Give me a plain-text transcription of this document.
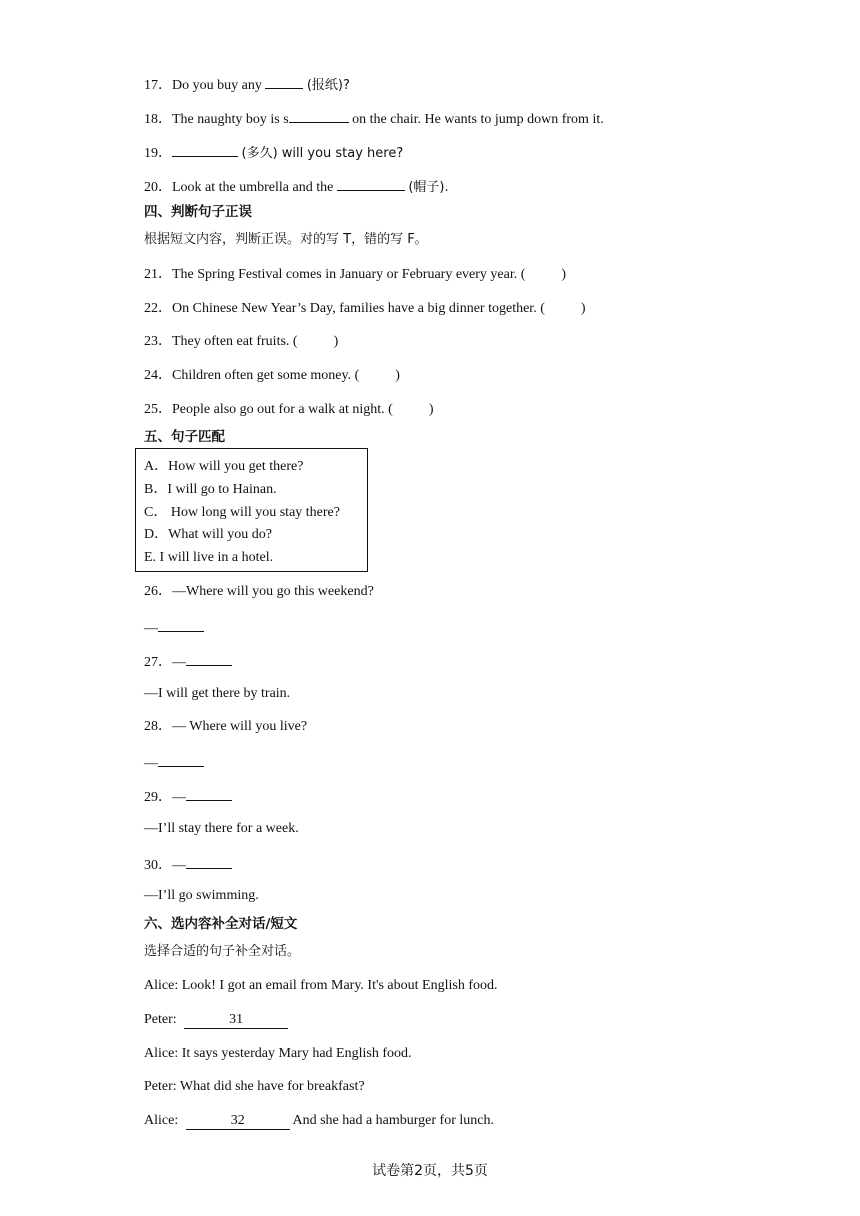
17．Do you buy any	(报纸)?
18．The naughty boy is s	on the chair. He wants to jump down from it.
19．	(多久) will you stay here?
20．Look at the umbrella and the	(帽子).
四、判断句子正误
根据短文内容，判断正误。对的写 T，错的写 F。
21．The Spring Festival comes in January or February every year. (	)
22．On Chinese New Year’s Day, families have a big dinner together. (	)
23．They often eat fruits. (	)
24．Children often get some money. (	)
25．People also go out for a walk at night. (	)
五、句子匹配
A．How will you get there?
B．I will go to Hainan.
C． How long will you stay there?
D．What will you do?
E. I will live in a hotel.
26．—Where will you go this weekend?
—
27．—
—I will get there by train.
28．— Where will you live?
—
29．—
—I’ll stay there for a week.
30．—
—I’ll go swimming.
六、选内容补全对话/短文
选择合适的句子补全对话。
Alice: Look! I got an email from Mary. It's about English food.
Peter:	31
Alice: It says yesterday Mary had English food.
Peter: What did she have for breakfast?
Alice:	32	And she had a hamburger for lunch.
试卷第2页，共5页
